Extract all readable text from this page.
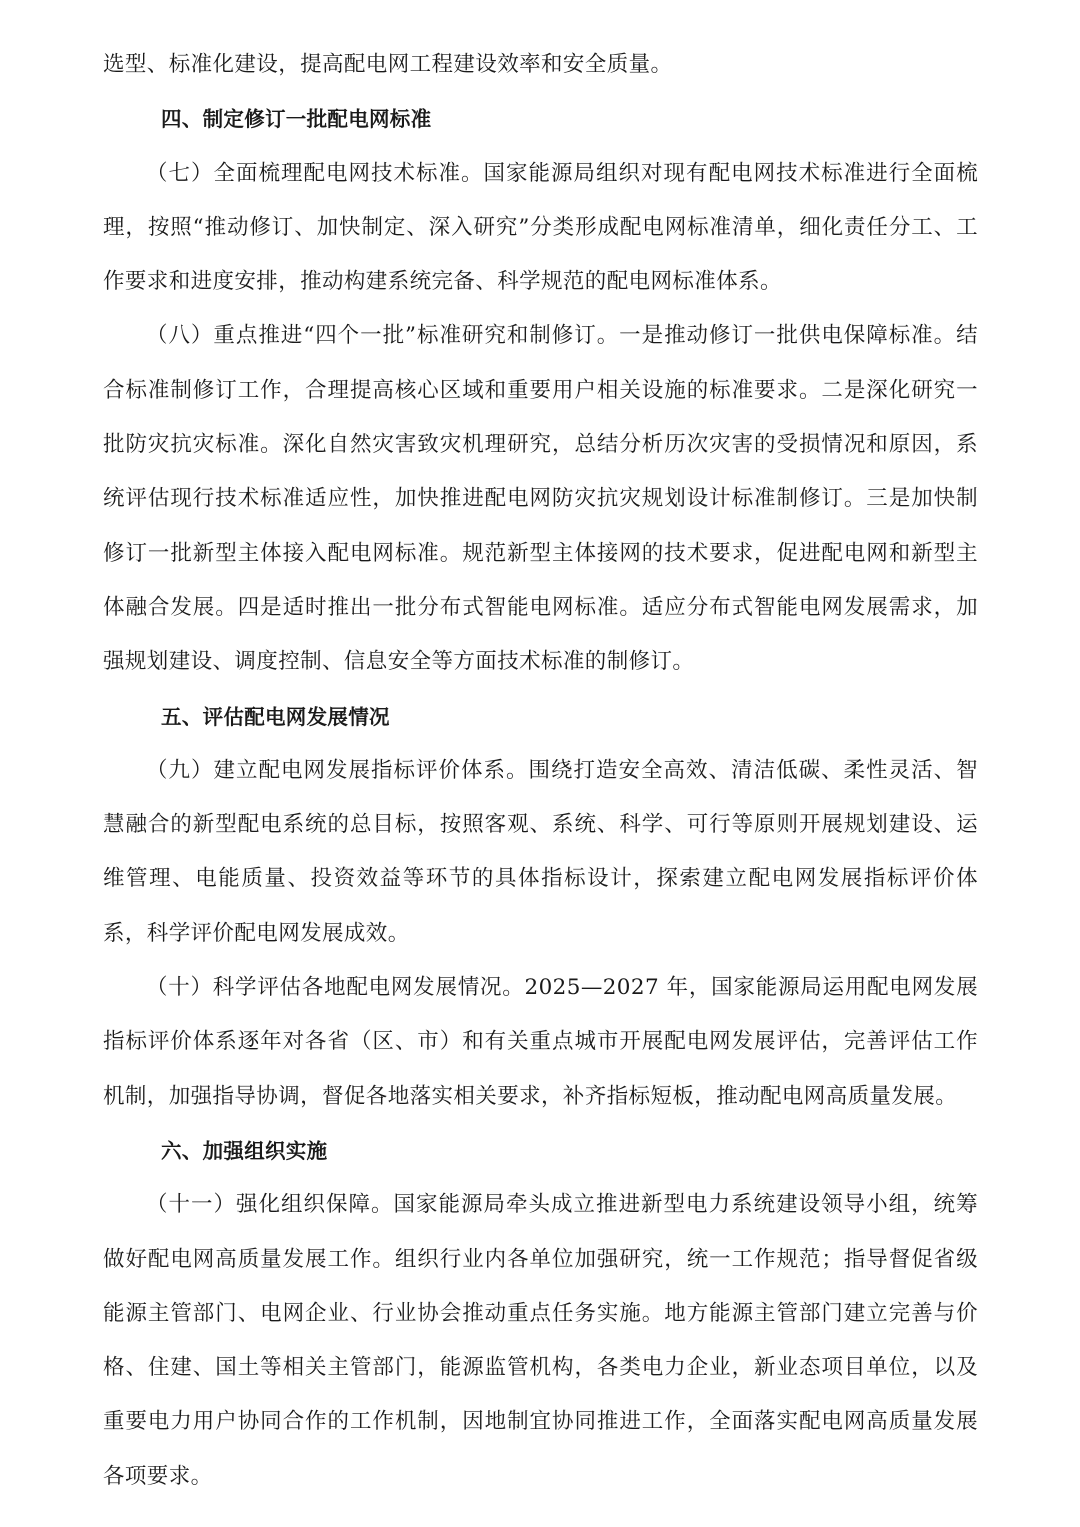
选型、标准化建设，提高配电网工程建设效率和安全质量。

四、制定修订一批配电网标准

（七）全面梳理配电网技术标准。国家能源局组织对现有配电网技术标准进行全面梳理，按照“推动修订、加快制定、深入研究”分类形成配电网标准清单，细化责任分工、工作要求和进度安排，推动构建系统完备、科学规范的配电网标准体系。

（八）重点推进“四个一批”标准研究和制修订。一是推动修订一批供电保障标准。结合标准制修订工作，合理提高核心区域和重要用户相关设施的标准要求。二是深化研究一批防灾抗灾标准。深化自然灾害致灾机理研究，总结分析历次灾害的受损情况和原因，系统评估现行技术标准适应性，加快推进配电网防灾抗灾规划设计标准制修订。三是加快制修订一批新型主体接入配电网标准。规范新型主体接网的技术要求，促进配电网和新型主体融合发展。四是适时推出一批分布式智能电网标准。适应分布式智能电网发展需求，加强规划建设、调度控制、信息安全等方面技术标准的制修订。

五、评估配电网发展情况

（九）建立配电网发展指标评价体系。围绕打造安全高效、清洁低碳、柔性灵活、智慧融合的新型配电系统的总目标，按照客观、系统、科学、可行等原则开展规划建设、运维管理、电能质量、投资效益等环节的具体指标设计，探索建立配电网发展指标评价体系，科学评价配电网发展成效。

（十）科学评估各地配电网发展情况。2025—2027 年，国家能源局运用配电网发展指标评价体系逐年对各省（区、市）和有关重点城市开展配电网发展评估，完善评估工作机制，加强指导协调，督促各地落实相关要求，补齐指标短板，推动配电网高质量发展。

六、加强组织实施

（十一）强化组织保障。国家能源局牵头成立推进新型电力系统建设领导小组，统筹做好配电网高质量发展工作。组织行业内各单位加强研究，统一工作规范；指导督促省级能源主管部门、电网企业、行业协会推动重点任务实施。地方能源主管部门建立完善与价格、住建、国土等相关主管部门，能源监管机构，各类电力企业，新业态项目单位，以及重要电力用户协同合作的工作机制，因地制宜协同推进工作，全面落实配电网高质量发展各项要求。
